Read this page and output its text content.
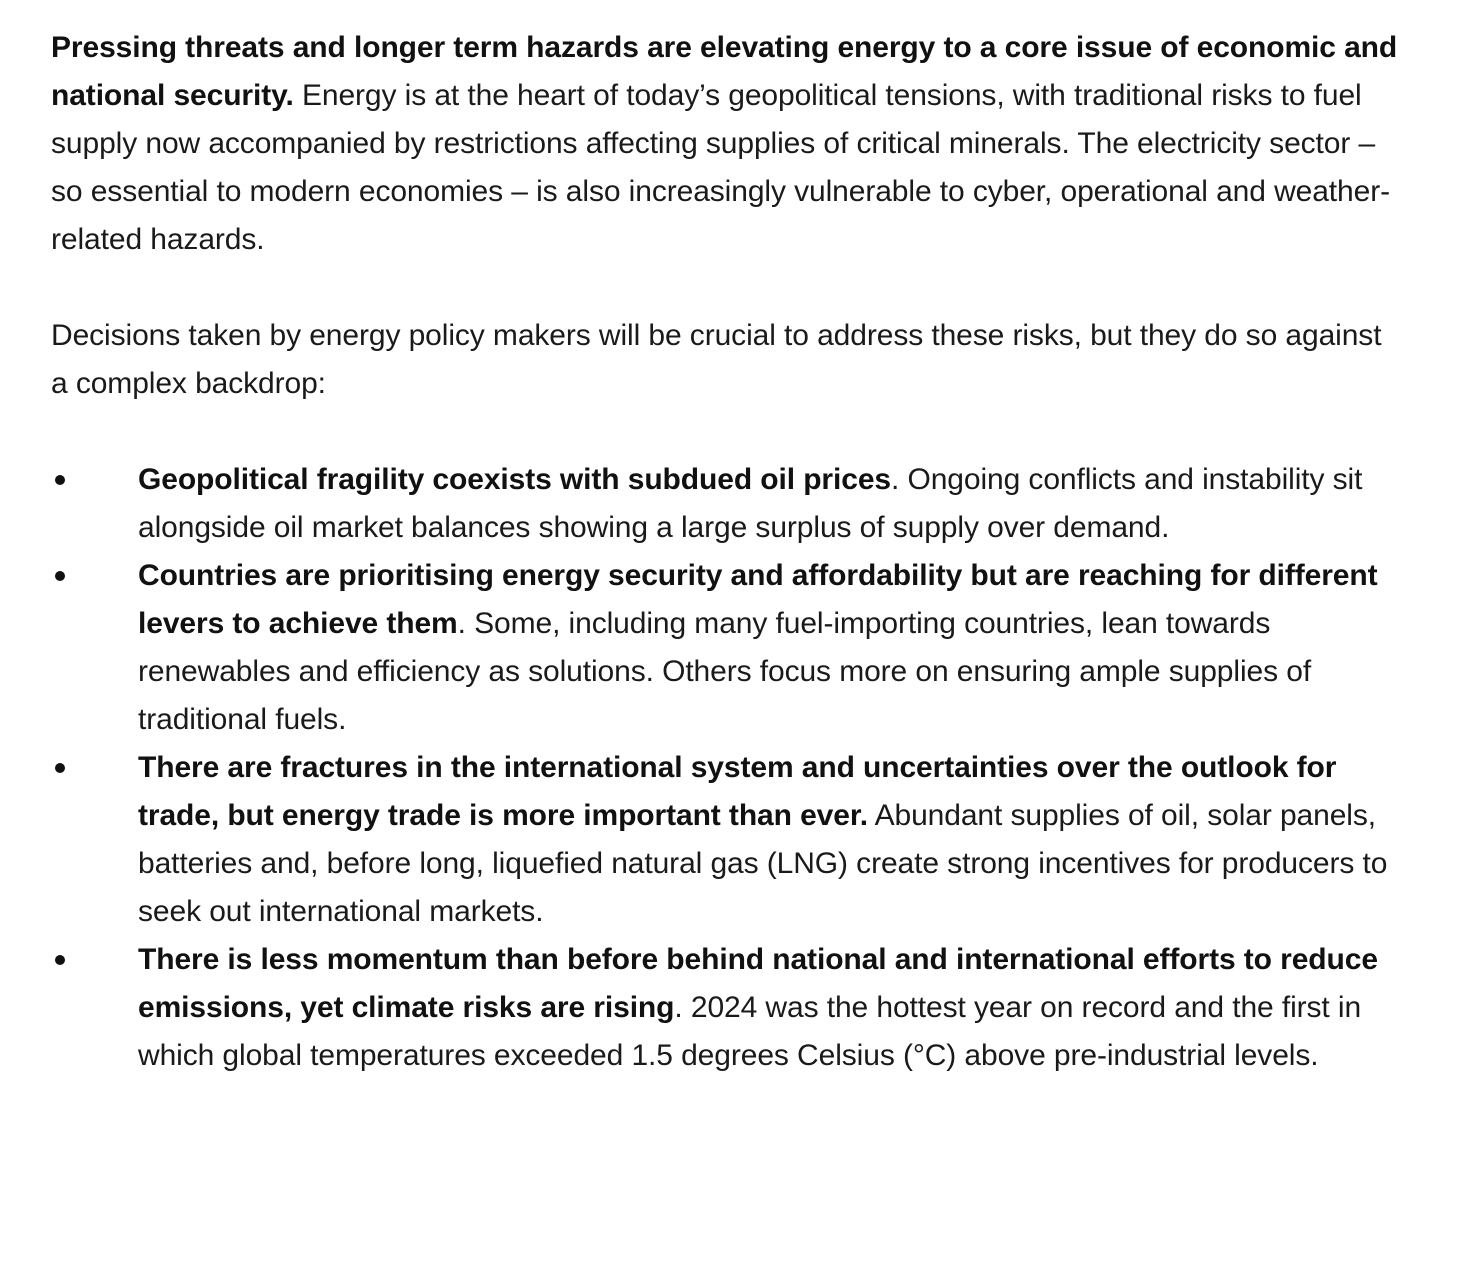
Pressing threats and longer term hazards are elevating energy to a core issue of economic and national security. Energy is at the heart of today’s geopolitical tensions, with traditional risks to fuel supply now accompanied by restrictions affecting supplies of critical minerals. The electricity sector – so essential to modern economies – is also increasingly vulnerable to cyber, operational and weather-related hazards.

Decisions taken by energy policy makers will be crucial to address these risks, but they do so against a complex backdrop:

Geopolitical fragility coexists with subdued oil prices. Ongoing conflicts and instability sit alongside oil market balances showing a large surplus of supply over demand.
Countries are prioritising energy security and affordability but are reaching for different levers to achieve them. Some, including many fuel-importing countries, lean towards renewables and efficiency as solutions. Others focus more on ensuring ample supplies of traditional fuels.
There are fractures in the international system and uncertainties over the outlook for trade, but energy trade is more important than ever. Abundant supplies of oil, solar panels, batteries and, before long, liquefied natural gas (LNG) create strong incentives for producers to seek out international markets.
There is less momentum than before behind national and international efforts to reduce emissions, yet climate risks are rising. 2024 was the hottest year on record and the first in which global temperatures exceeded 1.5 degrees Celsius (°C) above pre-industrial levels.
